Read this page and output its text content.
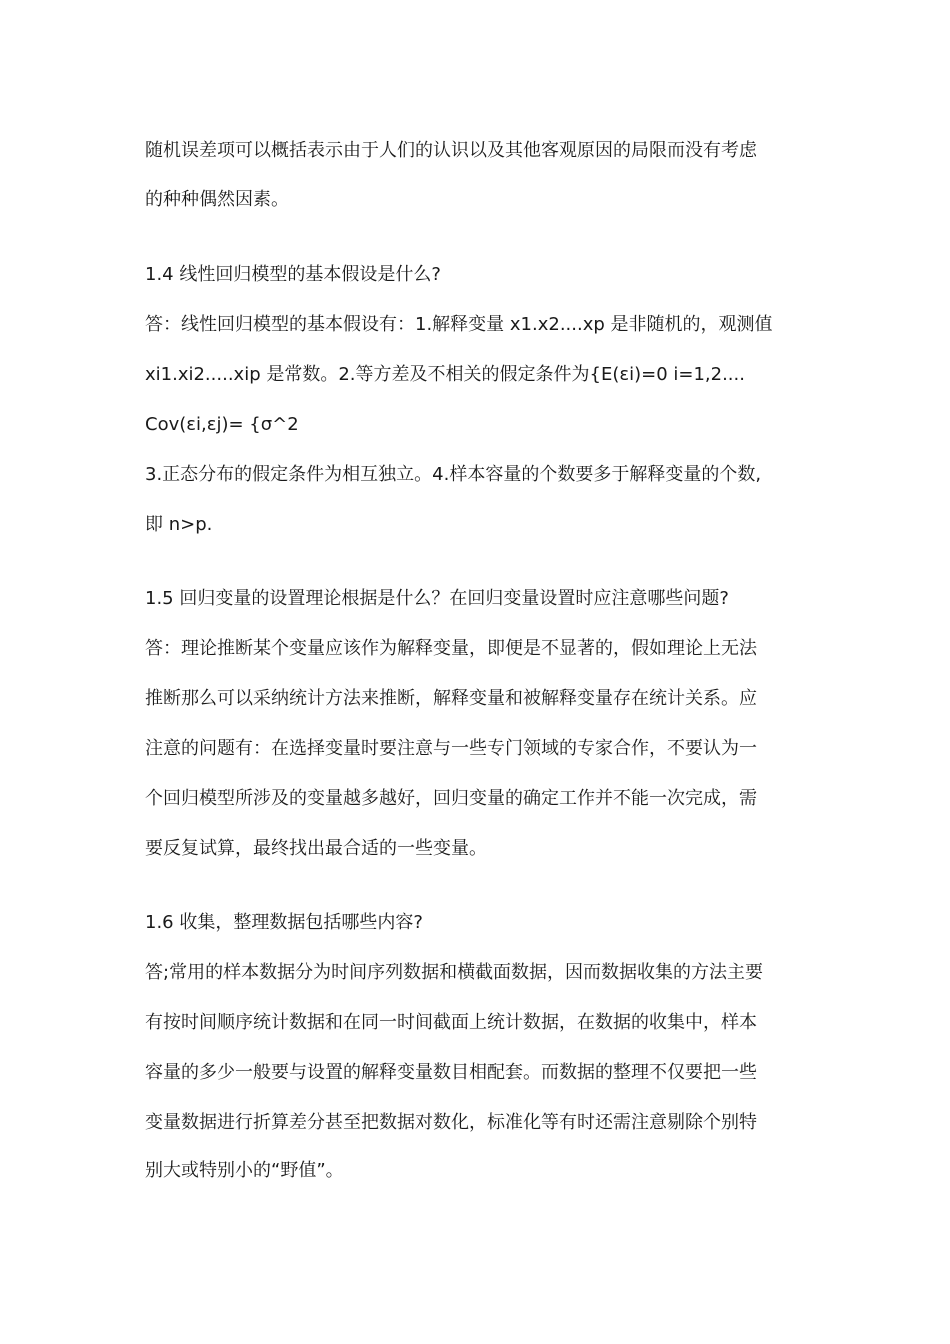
随机误差项可以概括表示由于人们的认识以及其他客观原因的局限而没有考虑
的种种偶然因素。
1.4 线性回归模型的基本假设是什么?
答：线性回归模型的基本假设有：1.解释变量 x1.x2....xp 是非随机的，观测值
xi1.xi2.....xip 是常数。2.等方差及不相关的假定条件为{E(εi)=0 i=1,2....
Cov(εi,εj)= {σ^2
3.正态分布的假定条件为相互独立。4.样本容量的个数要多于解释变量的个数,
即 n>p.
1.5 回归变量的设置理论根据是什么？在回归变量设置时应注意哪些问题?
答：理论推断某个变量应该作为解释变量，即便是不显著的，假如理论上无法
推断那么可以采纳统计方法来推断，解释变量和被解释变量存在统计关系。应
注意的问题有：在选择变量时要注意与一些专门领域的专家合作，不要认为一
个回归模型所涉及的变量越多越好，回归变量的确定工作并不能一次完成，需
要反复试算，最终找出最合适的一些变量。
1.6 收集，整理数据包括哪些内容?
答;常用的样本数据分为时间序列数据和横截面数据，因而数据收集的方法主要
有按时间顺序统计数据和在同一时间截面上统计数据，在数据的收集中，样本
容量的多少一般要与设置的解释变量数目相配套。而数据的整理不仅要把一些
变量数据进行折算差分甚至把数据对数化，标准化等有时还需注意剔除个别特
别大或特别小的“野值”。
